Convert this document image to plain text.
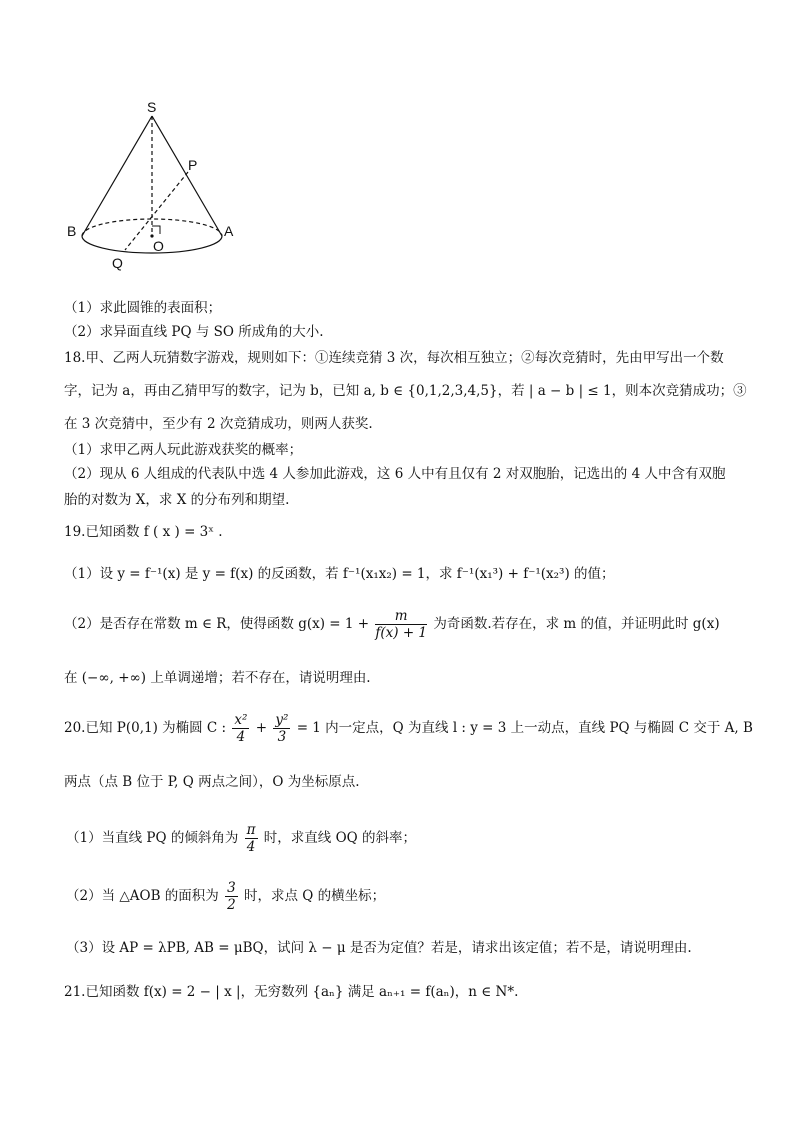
S
P
B	A
O
Q
（1）求此圆锥的表面积；
（2）求异面直线 PQ 与 SO 所成角的大小.
18.甲、乙两人玩猜数字游戏，规则如下：①连续竞猜 3 次，每次相互独立；②每次竞猜时，先由甲写出一个数
字，记为 a，再由乙猜甲写的数字，记为 b，已知 a, b ∈ {0,1,2,3,4,5}，若 | a − b | ≤ 1，则本次竞猜成功；③
在 3 次竞猜中，至少有 2 次竞猜成功，则两人获奖.
（1）求甲乙两人玩此游戏获奖的概率；
（2）现从 6 人组成的代表队中选 4 人参加此游戏，这 6 人中有且仅有 2 对双胞胎，记选出的 4 人中含有双胞
胎的对数为 X，求 X 的分布列和期望.
19.已知函数 f ( x ) = 3ˣ .
（1）设 y = f⁻¹(x) 是 y = f(x) 的反函数，若 f⁻¹(x₁x₂) = 1，求 f⁻¹(x₁³) + f⁻¹(x₂³) 的值；
（2）是否存在常数 m ∈ R，使得函数 $g(x) = 1 + \frac{m}{f(x) + 1}$ 为奇函数.若存在，求 m 的值，并证明此时 g(x)
在 (−∞, +∞) 上单调递增；若不存在，请说明理由.
20.已知 P(0,1) 为椭圆 C : $\frac{\text{x²}}{4} + \frac{\text{y²}}{3} = 1$ 内一定点，Q 为直线 l : y = 3 上一动点，直线 PQ 与椭圆 C 交于 A, B
两点（点 B 位于 P, Q 两点之间），O 为坐标原点.
（1）当直线 PQ 的倾斜角为 $\frac{\pi}{4}$ 时，求直线 OQ 的斜率；
（2）当 △AOB 的面积为 $\frac{3}{2}$ 时，求点 Q 的横坐标；
（3）设 AP = λPB, AB = μBQ，试问 λ − μ 是否为定值？若是，请求出该定值；若不是，请说明理由.
21.已知函数 f(x) = 2 − | x |，无穷数列 {aₙ} 满足 aₙ₊₁ = f(aₙ)，n ∈ N*.
